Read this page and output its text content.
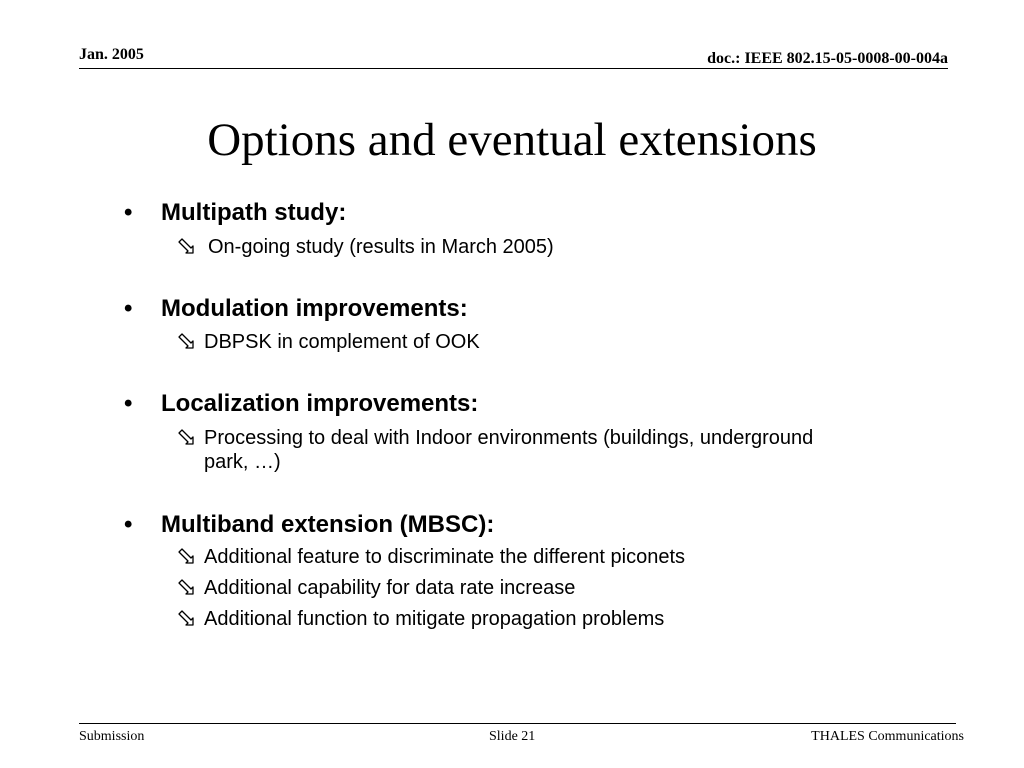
Jan. 2005	doc.: IEEE 802.15-05-0008-00-004a
Options and eventual extensions
• Multipath study:
On-going study (results in March 2005)
• Modulation improvements:
DBPSK in complement of OOK
• Localization improvements:
Processing to deal with Indoor environments (buildings, underground park, …)
• Multiband extension (MBSC):
Additional feature to discriminate the different piconets
Additional capability for data rate increase
Additional function to mitigate propagation problems
Submission	Slide 21	THALES Communications
